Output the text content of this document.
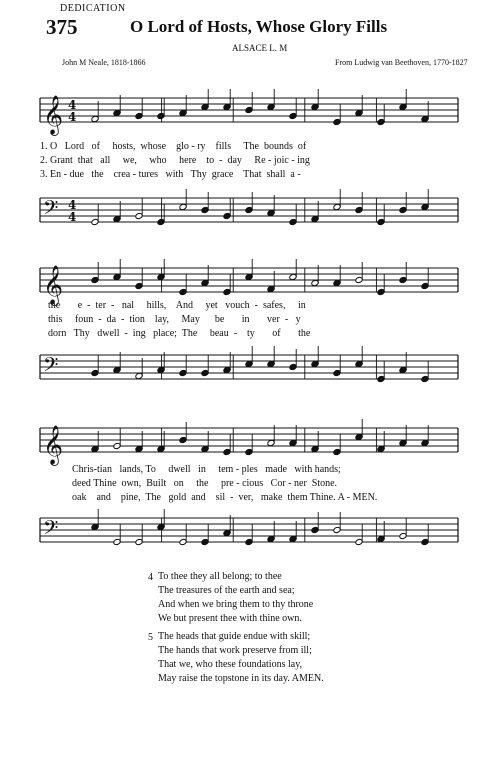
DEDICATION
375	O Lord of Hosts, Whose Glory Fills
ALSACE L. M
John M Neale, 1818-1866	From Ludwig van Beethoven, 1770-1827
𝄞 4
4
1. O   Lord   of     hosts,  whose    glo - ry    fills     The  bounds  of
2. Grant  that   all     we,     who     here    to  -  day     Re - joic - ing
3. En - due   the    crea - tures   with   Thy  grace    That  shall  a -
𝄢 4
4
𝄞
the       e  -  ter  -   nal     hills,    And     yet   vouch  -  safes,     in
this     foun  -  da  -  tion    lay,     May      be       in       ver  -   y
dorn   Thy   dwell  -  ing   place;  The     beau  -    ty       of       the
𝄢
𝄞
Chris-tian   lands, To     dwell   in     tem - ples   made   with hands;
deed Thine  own,  Built   on     the     pre - cious   Cor - ner  Stone.
oak    and    pine,  The   gold  and    sil  -  ver,   make  them Thine. A - MEN.
𝄢
4 To thee they all belong; to thee
The treasures of the earth and sea;
And when we bring them to thy throne
We but present thee with thine own.
5 The heads that guide endue with skill;
The hands that work preserve from ill;
That we, who these foundations lay,
May raise the topstone in its day. AMEN.
